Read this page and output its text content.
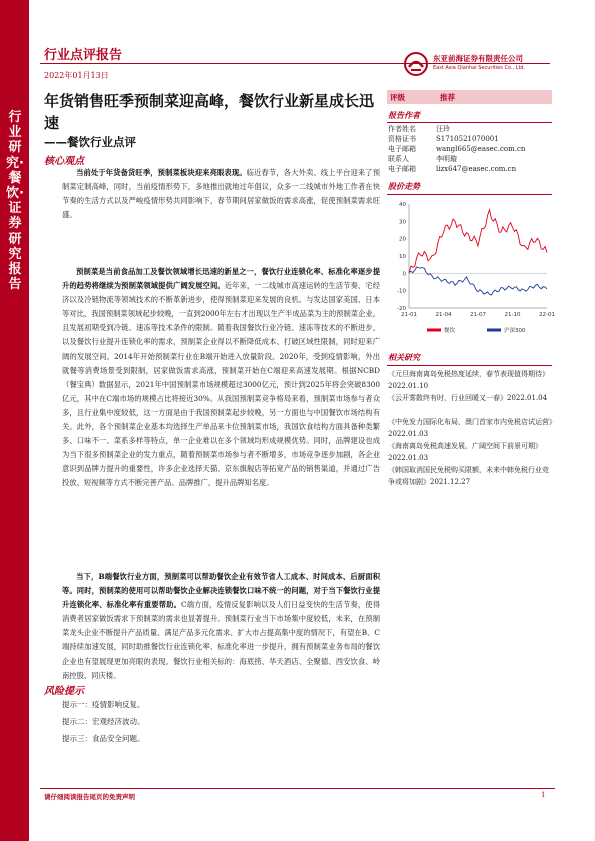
行业研究·餐饮·证券研究报告
行业点评报告
2022年01月13日
东亚前海证券有限责任公司
East Asia Qianhai Securities Co., Ltd.
年货销售旺季预制菜迎高峰，餐饮行业新星成长迅速
——餐饮行业点评
核心观点
当前处于年货备货旺季，预制菜板块迎来亮眼表现。临近春节，各大外卖、线上平台迎来了预制菜定制高峰，同时，当前疫情形势下，多地推出就地过年倡议，众多一二线城市外地工作者在快节奏的生活方式以及严峻疫情形势共同影响下，春节期间居家做饭的需求高涨，促使预制菜需求旺盛。
预制菜是当前食品加工及餐饮领域增长迅速的新星之一，餐饮行业连锁化率、标准化率逐步提升的趋势将继续为预制菜领域提供广阔发展空间。近年来，一二线城市高速运转的生活节奏、宅经济以及冷链物流等领域技术的不断革新进步，使得预制菜迎来发展的良机。与发达国家美国、日本等对比，我国预制菜领域起步较晚，一直到2000年左右才出现以生产半成品菜为主的预制菜企业，且发展初期受到冷链、速冻等技术条件的限制。随着我国餐饮行业冷链、速冻等技术的不断进步，以及餐饮行业提升连锁化率的需求，预制菜企业得以不断降低成本、打破区域性限制，同时迎来广阔的发展空间。2014年开始预制菜行业在B端开始进入放量阶段。2020年，受到疫情影响，外出就餐等消费场景受到限制，居家做饭需求高涨，预制菜开始在C端迎来高速发展期。根据NCBD（餐宝典）数据显示，2021年中国预制菜市场规模超过3000亿元，预计到2025年将会突破8300亿元，其中在C端市场的规模占比将接近30%。从我国预制菜竞争格局来看，预制菜市场参与者众多，且行业集中度较低，这一方面是由于我国预制菜起步较晚，另一方面也与中国餐饮市场结构有关。此外，各个预制菜企业基本均选择生产单品来卡位预制菜市场，我国饮食结构方面具备种类繁多、口味不一、菜系多样等特点，单一企业难以在多个领域均形成规模优势。同时，品牌建设也成为当下很多预制菜企业的发力重点，随着预制菜市场参与者不断增多，市场竞争逐步加剧，各企业意识到品牌力提升的重要性，许多企业选择天猫、京东旗舰店等拓宽产品的销售渠道，并通过广告投放、短视频等方式不断完善产品、品牌推广，提升品牌知名度。
当下，B端餐饮行业方面，预制菜可以帮助餐饮企业有效节省人工成本、时间成本、后厨面积等。同时，预制菜的使用可以帮助餐饮企业解决连锁餐饮口味不统一的问题，对于当下餐饮行业提升连锁化率、标准化率有重要帮助。C端方面，疫情反复影响以及人们日益变快的生活节奏，使得消费者居家做饭需求下预制菜的需求也显著提升。预制菜行业当下市场集中度较低，未来，在预制菜龙头企业不断提升产品质量、满足产品多元化需求、扩大市占提高集中度的情况下，有望在B、C端持续加速发展，同时助推餐饮行业连锁化率、标准化率进一步提升，拥有预制菜业务布局的餐饮企业也有望展现更加亮眼的表现。餐饮行业相关标的：海底捞、华天酒店、全聚德、西安饮食、岭南控股、同庆楼。
风险提示
提示一：疫情影响反复。
提示二：宏观经济波动。
提示三：食品安全问题。
评级	推荐
报告作者
作者姓名	汪玲
资格证书	S1710521070001
电子邮箱	wangl665@easec.com.cn
联系人	李明璇
电子邮箱	lizx647@easec.com.cn
股价走势
40
30
20
10
0
-10
-20
21-01	21-04	21-07	21-10	22-01
餐饮	沪深300
相关研究
《元旦海南离岛免税热度延续，春节表现值得期待》2022.01.10
《云开雾散终有时，行业回暖又一春》2022.01.04
《中免发力国际化布局，澳门首家市内免税店试运营》2022.01.03
《海南离岛免税高速发展，广阔空间下前景可期》2022.01.03
《韩国取消国民免税购买限额，未来中韩免税行业竞争或将加剧》2021.12.27
请仔细阅读报告尾页的免责声明	1
